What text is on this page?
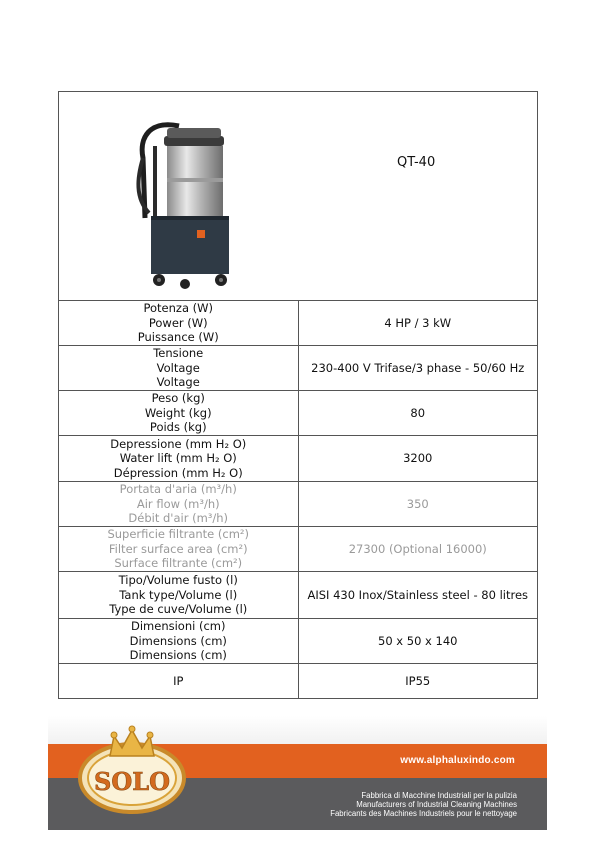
QT-40	

Potenza (W)
Power (W)
Puissance (W)	4 HP / 3 kW

Tensione
Voltage
Voltage	230-400 V Trifase/3 phase - 50/60 Hz

Peso (kg)
Weight (kg)
Poids (kg)	80

Depressione (mm H₂ O)
Water lift (mm H₂ O)
Dépression (mm H₂ O)	3200

Portata d'aria (m³/h)
Air flow (m³/h)
Débit d'air (m³/h)	350

Superficie filtrante (cm²)
Filter surface area (cm²)
Surface filtrante (cm²)	27300 (Optional 16000)

Tipo/Volume fusto (l)
Tank type/Volume (l)
Type de cuve/Volume (l)	AISI 430 Inox/Stainless steel - 80 litres

Dimensioni (cm)
Dimensions (cm)
Dimensions (cm)	50 x 50 x 140
IP	IP55
SOLO
www.alphaluxindo.com
Fabbrica di Macchine Industriali per la pulizia
Manufacturers of Industrial Cleaning Machines
Fabricants des Machines Industriels pour le nettoyage
